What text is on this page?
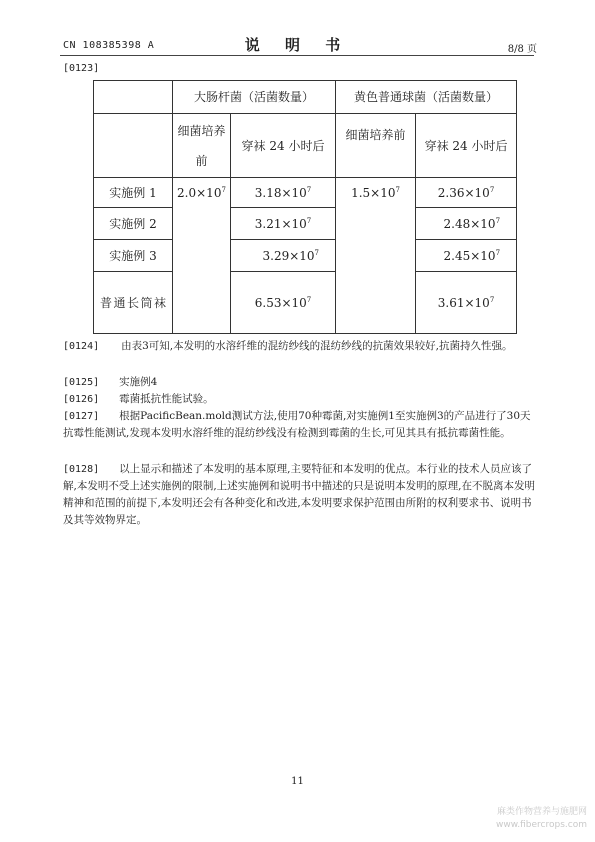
CN 108385398 A	说 明 书	8/8 页
[0123]
	大肠杆菌（活菌数量）		黄色普通球菌（活菌数量）	
	细菌培养前	穿袜 24 小时后	细菌培养前	穿袜 24 小时后
实施例 1	$2.0\times 10^7$	$3.18\times 10^7$	$1.5\times 10^7$	$2.36\times 10^7$
实施例 2		$3.21\times 10^7$		$2.48\times 10^7$
实施例 3		$3.29\times 10^7$		$2.45\times 10^7$
普通长筒袜		$6.53\times 10^7$		$3.61\times 10^7$
[0124] 由表3可知,本发明的水溶纤维的混纺纱线的混纺纱线的抗菌效果较好,抗菌持久性强。
[0125] 实施例4
[0126] 霉菌抵抗性能试验。
[0127] 根据PacificBean.mold测试方法,使用70种霉菌,对实施例1至实施例3的产品进行了30天抗霉性能测试,发现本发明水溶纤维的混纺纱线没有检测到霉菌的生长,可见其具有抵抗霉菌性能。
[0128] 以上显示和描述了本发明的基本原理,主要特征和本发明的优点。本行业的技术人员应该了解,本发明不受上述实施例的限制,上述实施例和说明书中描述的只是说明本发明的原理,在不脱离本发明精神和范围的前提下,本发明还会有各种变化和改进,本发明要求保护范围由所附的权利要求书、说明书及其等效物界定。
11
麻类作物营养与施肥网
www.fibercrops.com
